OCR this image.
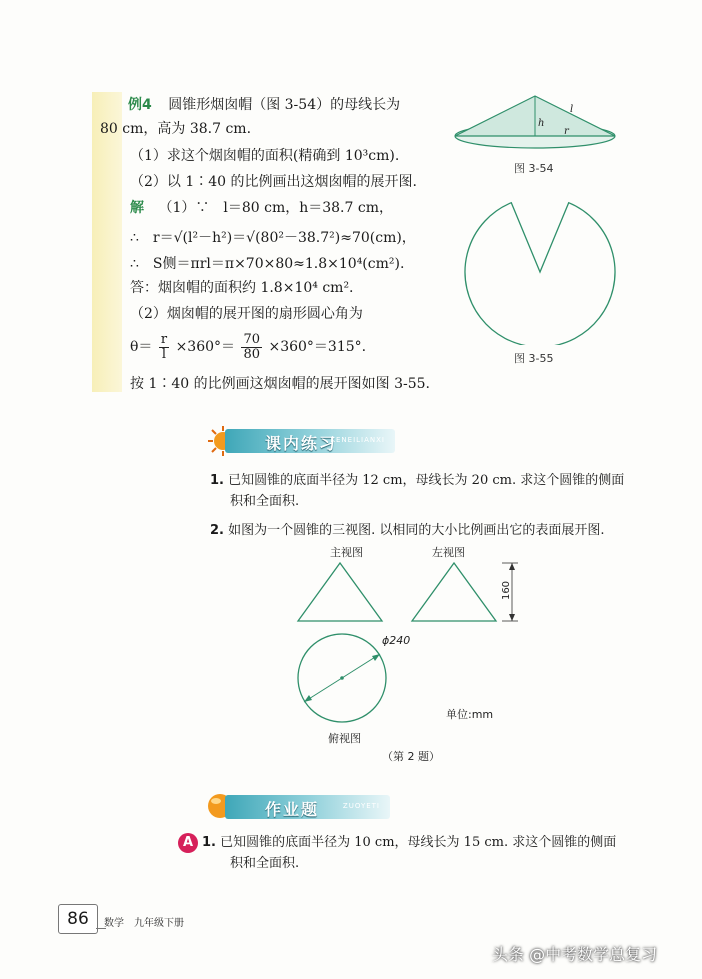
例4 圆锥形烟囱帽（图 3-54）的母线长为
80 cm，高为 38.7 cm.
（1）求这个烟囱帽的面积(精确到 10³cm).
（2）以 1∶40 的比例画出这烟囱帽的展开图.
解 （1）∵　l＝80 cm，h＝38.7 cm，
∴　r＝√(l²－h²)＝√(80²－38.7²)≈70(cm)，
∴　S侧＝πrl＝π×70×80≈1.8×10⁴(cm²).
答：烟囱帽的面积约 1.8×10⁴ cm².
（2）烟囱帽的展开图的扇形圆心角为
$\theta= \frac{r}{l} \times 360^\circ= \frac{70}{80} \times 360^\circ=315^\circ$.
按 1∶40 的比例画这烟囱帽的展开图如图 3-55.
l
h
r
图 3-54
图 3-55
课内练习
KENEILIANXI
1. 已知圆锥的底面半径为 12 cm，母线长为 20 cm. 求这个圆锥的侧面
积和全面积.
2. 如图为一个圆锥的三视图. 以相同的大小比例画出它的表面展开图.
主视图	左视图
160
ϕ240
俯视图
单位:mm
（第 2 题）
作业题	ZUOYETI
A 1. 已知圆锥的底面半径为 10 cm，母线长为 15 cm. 求这个圆锥的侧面
积和全面积.
86	数学　九年级下册
头条 @中考数学总复习
